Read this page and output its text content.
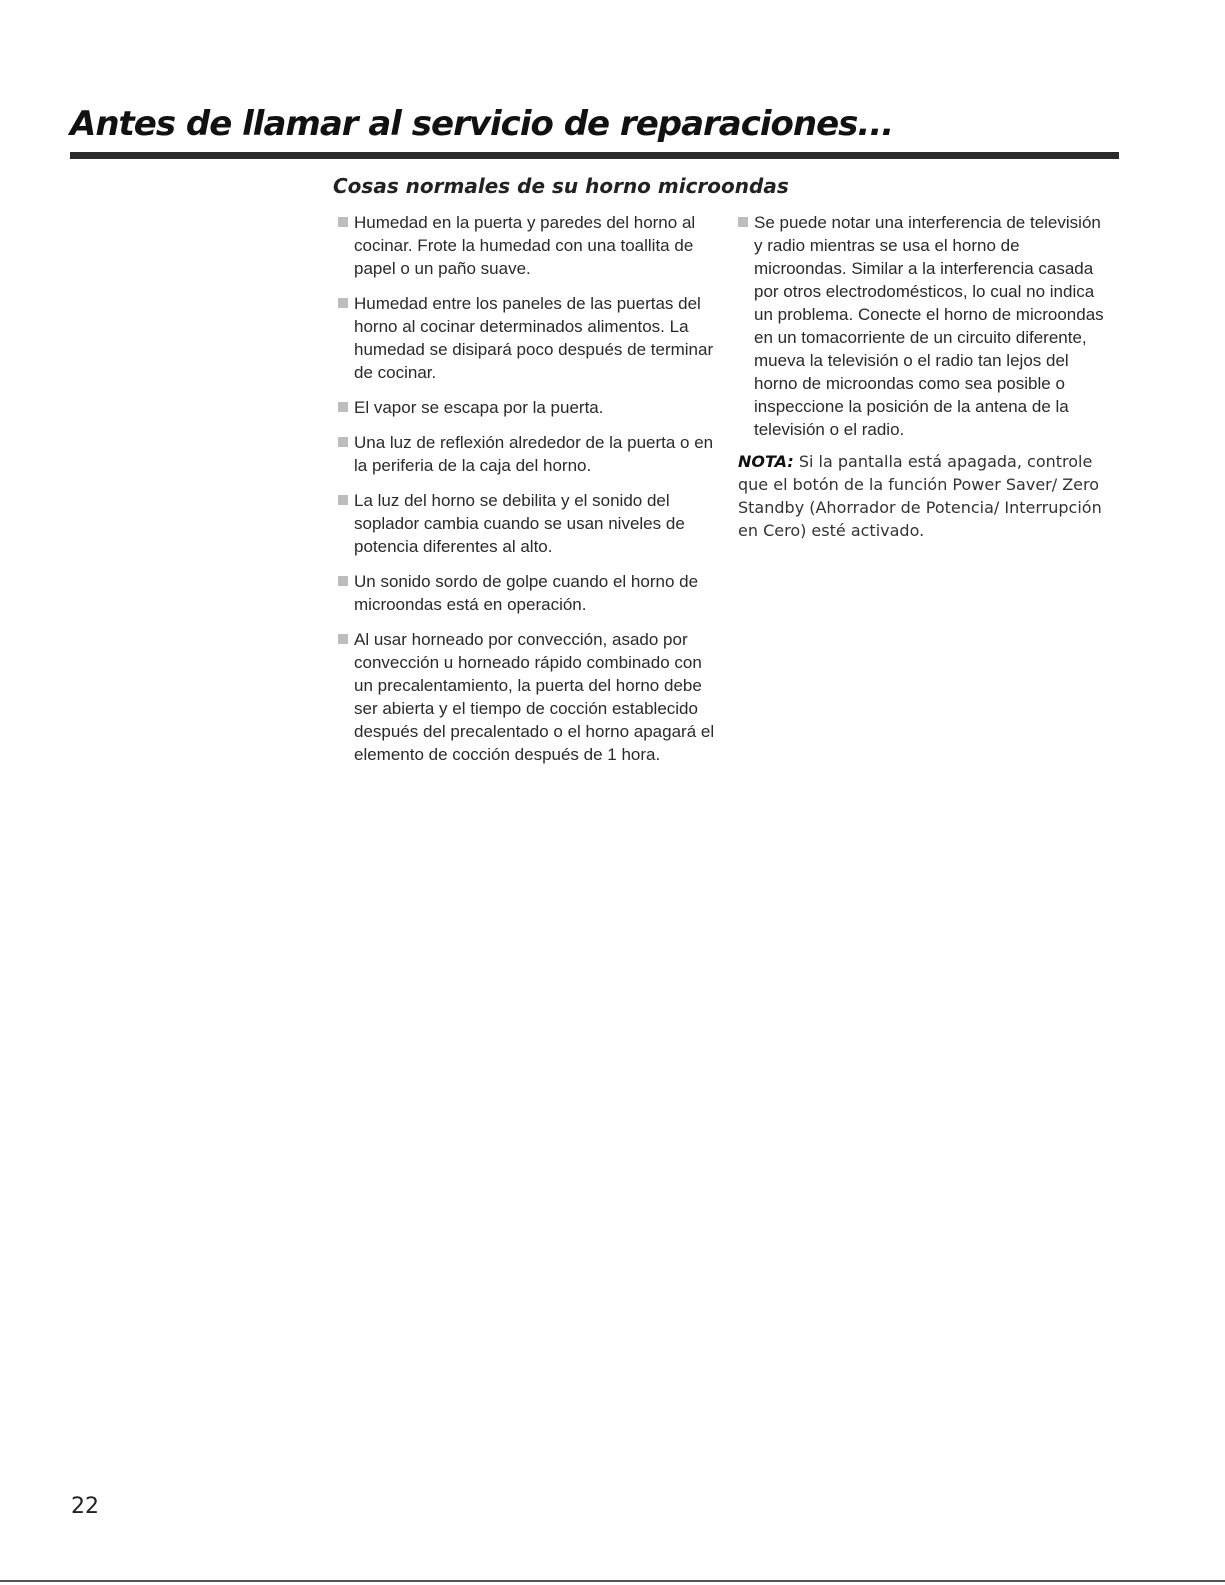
Antes de llamar al servicio de reparaciones...
Cosas normales de su horno microondas
Humedad en la puerta y paredes del horno al cocinar. Frote la humedad con una toallita de papel o un paño suave.
Humedad entre los paneles de las puertas del horno al cocinar determinados alimentos. La humedad se disipará poco después de terminar de cocinar.
El vapor se escapa por la puerta.
Una luz de reflexión alrededor de la puerta o en la periferia de la caja del horno.
La luz del horno se debilita y el sonido del soplador cambia cuando se usan niveles de potencia diferentes al alto.
Un sonido sordo de golpe cuando el horno de microondas está en operación.
Al usar horneado por convección, asado por convección u horneado rápido combinado con un precalentamiento, la puerta del horno debe ser abierta y el tiempo de cocción establecido después del precalentado o el horno apagará el elemento de cocción después de 1 hora.
Se puede notar una interferencia de televisión y radio mientras se usa el horno de microondas. Similar a la interferencia casada por otros electrodomésticos, lo cual no indica un problema. Conecte el horno de microondas en un tomacorriente de un circuito diferente, mueva la televisión o el radio tan lejos del horno de microondas como sea posible o inspeccione la posición de la antena de la televisión o el radio.

NOTA: Si la pantalla está apagada, controle que el botón de la función Power Saver/ Zero Standby (Ahorrador de Potencia/ Interrupción en Cero) esté activado.

22
